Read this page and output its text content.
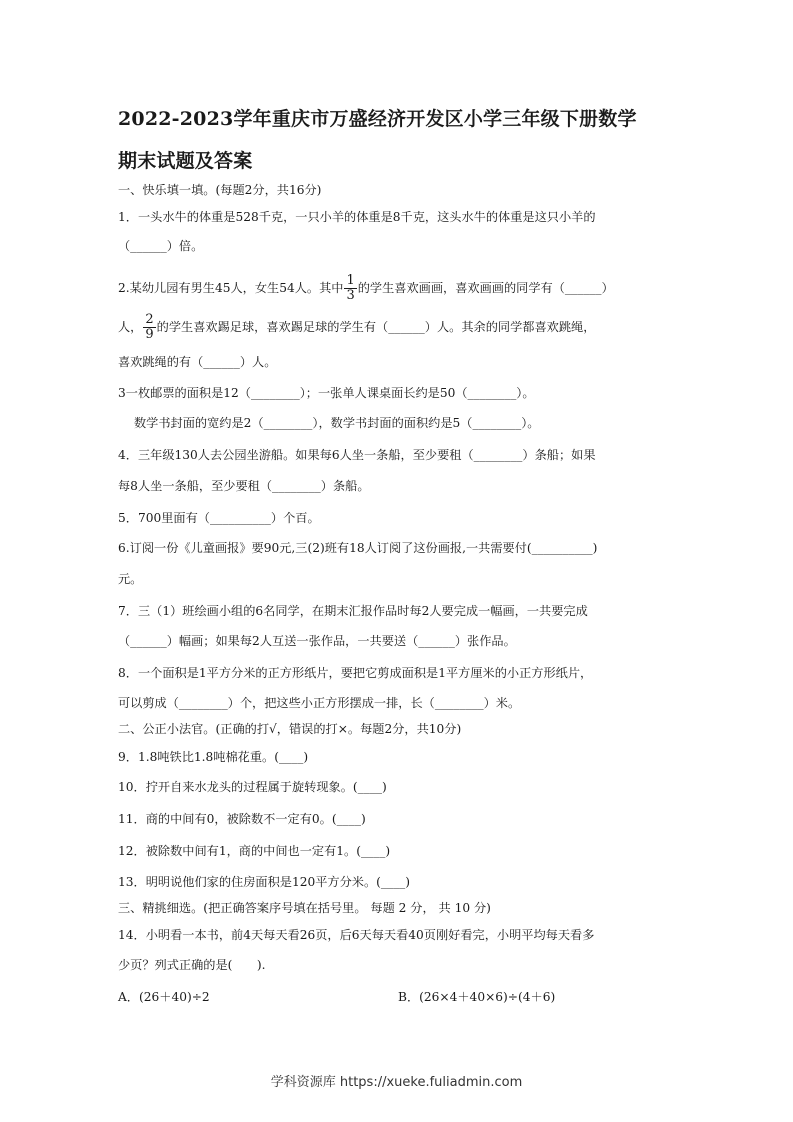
2022-2023学年重庆市万盛经济开发区小学三年级下册数学
期末试题及答案
一、快乐填一填。(每题2分，共16分)
1．一头水牛的体重是528千克，一只小羊的体重是8千克，这头水牛的体重是这只小羊的
（______）倍。
2.某幼儿园有男生45人，女生54人。其中 $\frac{1}{3}$ 的学生喜欢画画，喜欢画画的同学有（______）
人， $\frac{2}{9}$ 的学生喜欢踢足球，喜欢踢足球的学生有（______）人。其余的同学都喜欢跳绳，
喜欢跳绳的有（______）人。
3一枚邮票的面积是12（________）；一张单人课桌面长约是50（________）。
数学书封面的宽约是2（________），数学书封面的面积约是5（________）。
4．三年级130人去公园坐游船。如果每6人坐一条船，至少要租（________）条船；如果
每8人坐一条船，至少要租（________）条船。
5．700里面有（__________）个百。
6.订阅一份《儿童画报》要90元,三(2)班有18人订阅了这份画报,一共需要付(__________)
元。
7．三（1）班绘画小组的6名同学，在期末汇报作品时每2人要完成一幅画，一共要完成
（______）幅画；如果每2人互送一张作品，一共要送（______）张作品。
8．一个面积是1平方分米的正方形纸片，要把它剪成面积是1平方厘米的小正方形纸片，
可以剪成（________）个，把这些小正方形摆成一排，长（________）米。
二、公正小法官。(正确的打√，错误的打×。每题2分，共10分)
9．1.8吨铁比1.8吨棉花重。(____)
10．拧开自来水龙头的过程属于旋转现象。(____)
11．商的中间有0，被除数不一定有0。(____)
12．被除数中间有1，商的中间也一定有1。(____)
13．明明说他们家的住房面积是120平方分米。(____)
三、精挑细选。(把正确答案序号填在括号里。 每题 2 分， 共 10 分)
14．小明看一本书，前4天每天看26页，后6天每天看40页刚好看完，小明平均每天看多
少页？列式正确的是(　　).
A．(26＋40)÷2	B．(26×4＋40×6)÷(4＋6)
学科资源库 https://xueke.fuliadmin.com
